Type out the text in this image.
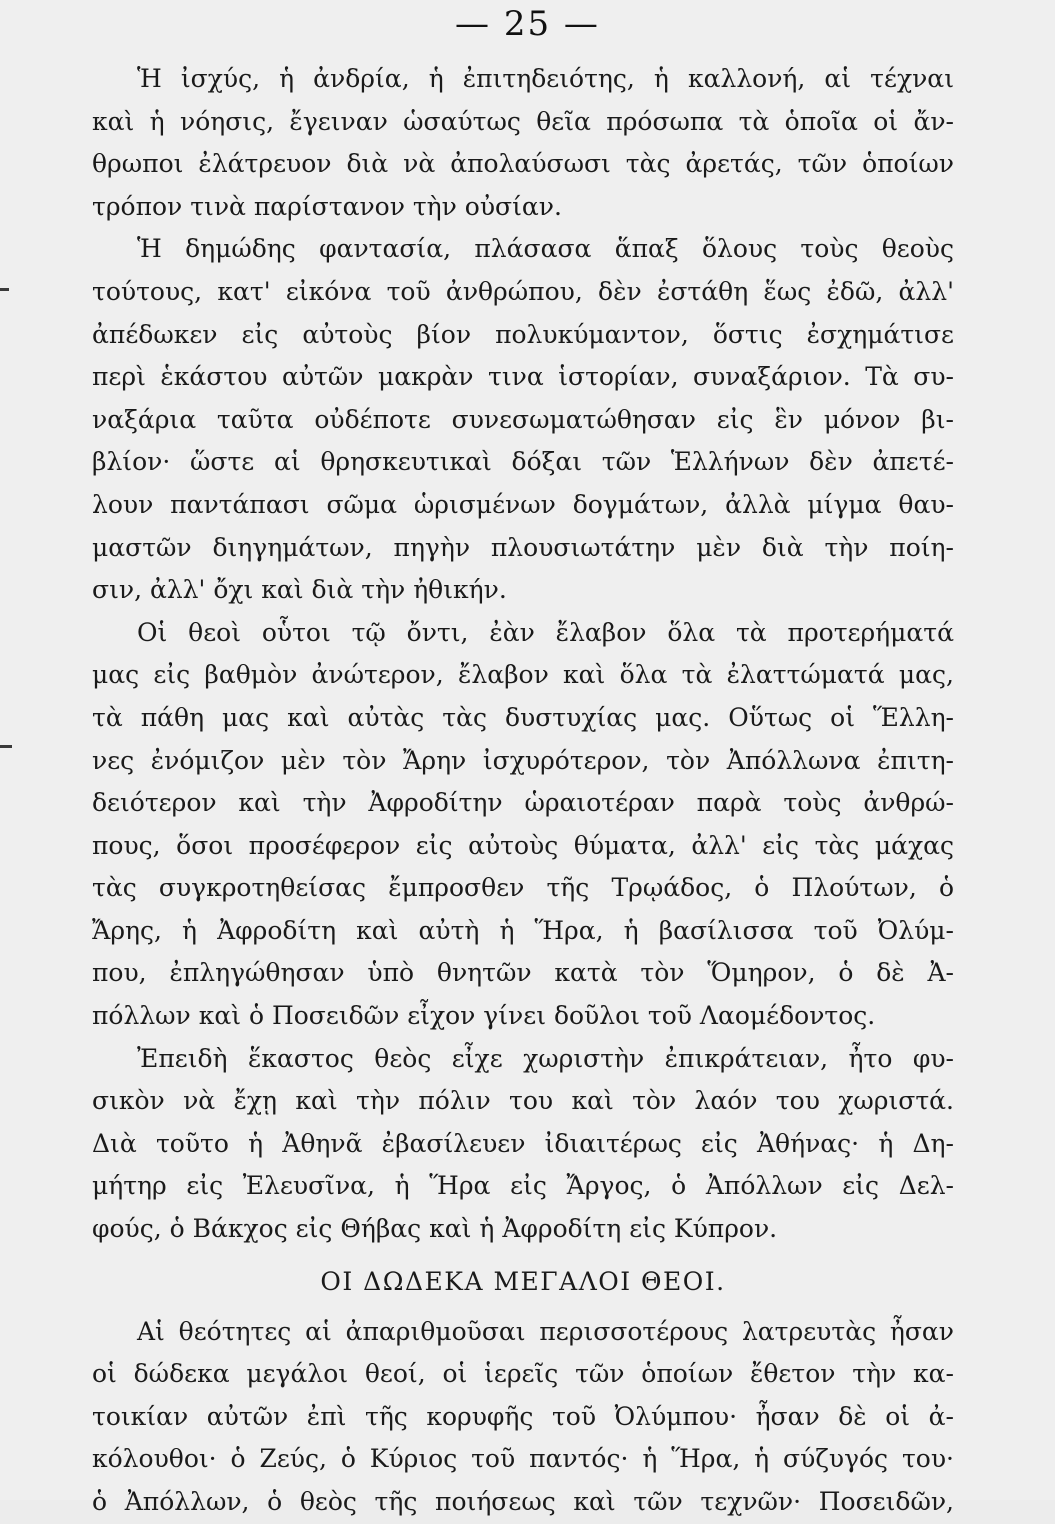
— 25 —
Ἡ ἰσχύς, ἡ ἀνδρία, ἡ ἐπιτηδειότης, ἡ καλλονή, αἱ τέχναι
καὶ ἡ νόησις, ἔγειναν ὡσαύτως θεῖα πρόσωπα τὰ ὁποῖα οἱ ἄν-
θρωποι ἐλάτρευον διὰ νὰ ἀπολαύσωσι τὰς ἀρετάς, τῶν ὁποίων
τρόπον τινὰ παρίστανον τὴν οὐσίαν.
Ἡ δημώδης φαντασία, πλάσασα ἅπαξ ὅλους τοὺς θεοὺς
τούτους, κατ' εἰκόνα τοῦ ἀνθρώπου, δὲν ἐστάθη ἕως ἐδῶ, ἀλλ'
ἀπέδωκεν εἰς αὐτοὺς βίον πολυκύμαντον, ὅστις ἐσχημάτισε
περὶ ἑκάστου αὐτῶν μακρὰν τινα ἱστορίαν, συναξάριον. Τὰ συ-
ναξάρια ταῦτα οὐδέποτε συνεσωματώθησαν εἰς ἓν μόνον βι-
βλίον· ὥστε αἱ θρησκευτικαὶ δόξαι τῶν Ἑλλήνων δὲν ἀπετέ-
λουν παντάπασι σῶμα ὡρισμένων δογμάτων, ἀλλὰ μίγμα θαυ-
μαστῶν διηγημάτων, πηγὴν πλουσιωτάτην μὲν διὰ τὴν ποίη-
σιν, ἀλλ' ὄχι καὶ διὰ τὴν ἠθικήν.
Οἱ θεοὶ οὗτοι τῷ ὄντι, ἐὰν ἔλαβον ὅλα τὰ προτερήματά
μας εἰς βαθμὸν ἀνώτερον, ἔλαβον καὶ ὅλα τὰ ἐλαττώματά μας,
τὰ πάθη μας καὶ αὐτὰς τὰς δυστυχίας μας. Οὕτως οἱ Ἕλλη-
νες ἐνόμιζον μὲν τὸν Ἄρην ἰσχυρότερον, τὸν Ἀπόλλωνα ἐπιτη-
δειότερον καὶ τὴν Ἀφροδίτην ὡραιοτέραν παρὰ τοὺς ἀνθρώ-
πους, ὅσοι προσέφερον εἰς αὐτοὺς θύματα, ἀλλ' εἰς τὰς μάχας
τὰς συγκροτηθείσας ἔμπροσθεν τῆς Τρῳάδος, ὁ Πλούτων, ὁ
Ἄρης, ἡ Ἀφροδίτη καὶ αὐτὴ ἡ Ἥρα, ἡ βασίλισσα τοῦ Ὀλύμ-
που, ἐπληγώθησαν ὑπὸ θνητῶν κατὰ τὸν Ὅμηρον, ὁ δὲ Ἀ-
πόλλων καὶ ὁ Ποσειδῶν εἶχον γίνει δοῦλοι τοῦ Λαομέδοντος.
Ἐπειδὴ ἕκαστος θεὸς εἶχε χωριστὴν ἐπικράτειαν, ἦτο φυ-
σικὸν νὰ ἔχῃ καὶ τὴν πόλιν του καὶ τὸν λαόν του χωριστά.
Διὰ τοῦτο ἡ Ἀθηνᾶ ἐβασίλευεν ἰδιαιτέρως εἰς Ἀθήνας· ἡ Δη-
μήτηρ εἰς Ἐλευσῖνα, ἡ Ἥρα εἰς Ἄργος, ὁ Ἀπόλλων εἰς Δελ-
φούς, ὁ Βάκχος εἰς Θήβας καὶ ἡ Ἀφροδίτη εἰς Κύπρον.
ΟΙ ΔΩΔΕΚΑ ΜΕΓΑΛΟΙ ΘΕΟΙ.
Αἱ θεότητες αἱ ἀπαριθμοῦσαι περισσοτέρους λατρευτὰς ἦσαν
οἱ δώδεκα μεγάλοι θεοί, οἱ ἱερεῖς τῶν ὁποίων ἔθετον τὴν κα-
τοικίαν αὐτῶν ἐπὶ τῆς κορυφῆς τοῦ Ὀλύμπου· ἦσαν δὲ οἱ ἀ-
κόλουθοι· ὁ Ζεύς, ὁ Κύριος τοῦ παντός· ἡ Ἥρα, ἡ σύζυγός του·
ὁ Ἀπόλλων, ὁ θεὸς τῆς ποιήσεως καὶ τῶν τεχνῶν· Ποσειδῶν,
